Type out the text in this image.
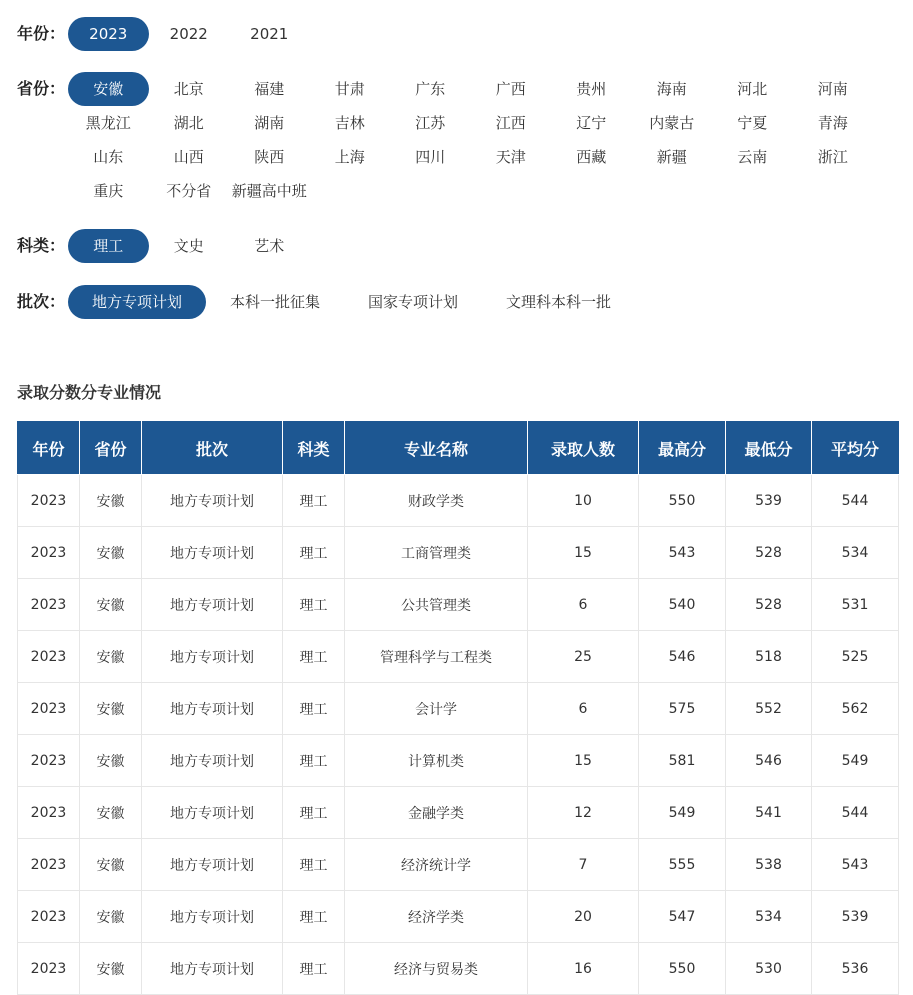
年份：	2023	2022	2021
省份：	安徽	北京	福建	甘肃	广东	广西	贵州	海南	河北	河南
黑龙江	湖北	湖南	吉林	江苏	江西	辽宁	内蒙古	宁夏	青海
山东	山西	陕西	上海	四川	天津	西藏	新疆	云南	浙江
重庆	不分省	新疆高中班
科类：	理工	文史	艺术
批次：	地方专项计划	本科一批征集	国家专项计划	文理科本科一批
录取分数分专业情况
年份	省份	批次	科类	专业名称	录取人数	最高分	最低分	平均分
2023	安徽	地方专项计划	理工	财政学类	10	550	539	544
2023	安徽	地方专项计划	理工	工商管理类	15	543	528	534
2023	安徽	地方专项计划	理工	公共管理类	6	540	528	531
2023	安徽	地方专项计划	理工	管理科学与工程类	25	546	518	525
2023	安徽	地方专项计划	理工	会计学	6	575	552	562
2023	安徽	地方专项计划	理工	计算机类	15	581	546	549
2023	安徽	地方专项计划	理工	金融学类	12	549	541	544
2023	安徽	地方专项计划	理工	经济统计学	7	555	538	543
2023	安徽	地方专项计划	理工	经济学类	20	547	534	539
2023	安徽	地方专项计划	理工	经济与贸易类	16	550	530	536
